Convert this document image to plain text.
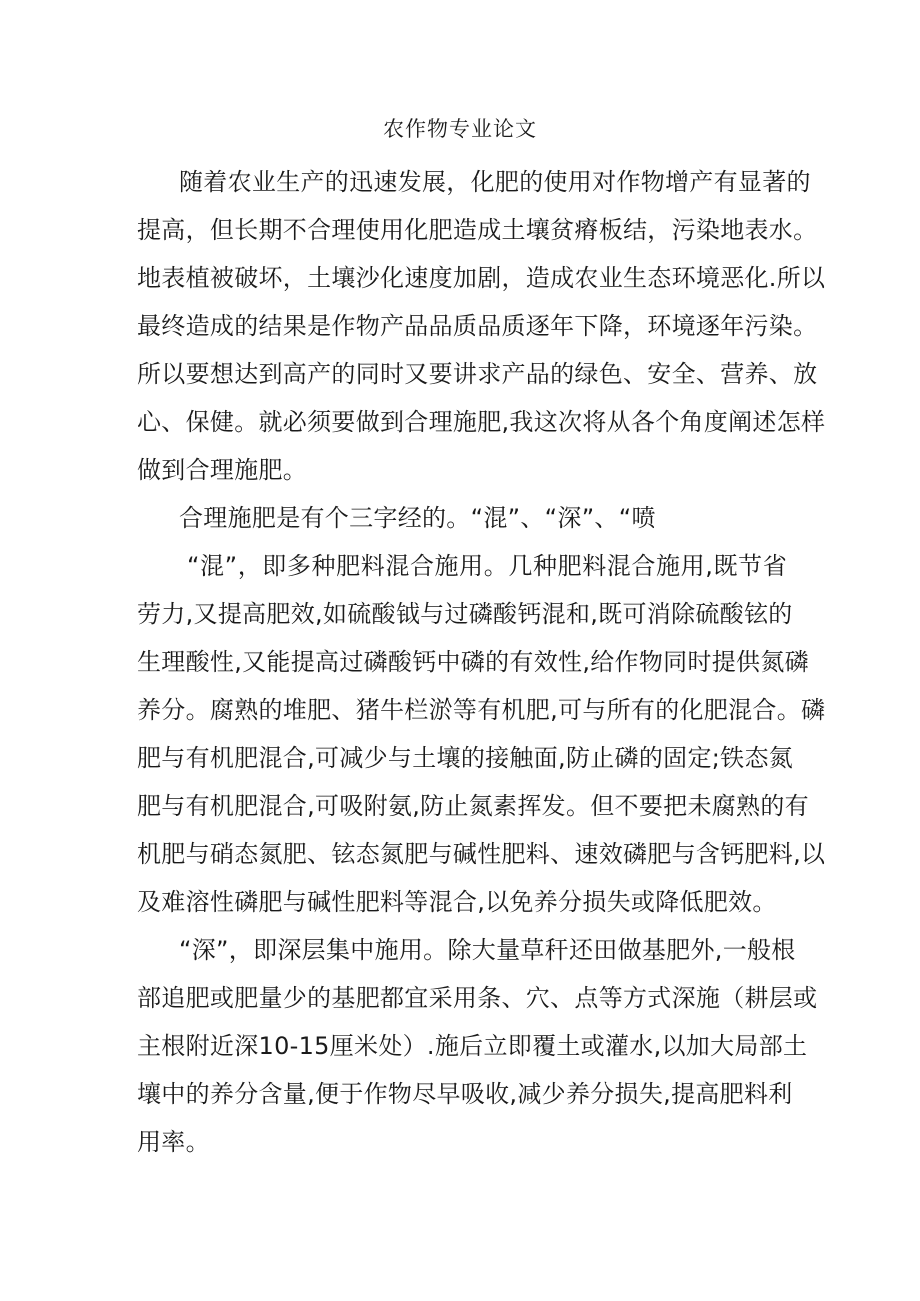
农作物专业论文
随着农业生产的迅速发展，化肥的使用对作物增产有显著的
提高，但长期不合理使用化肥造成土壤贫瘠板结，污染地表水。
地表植被破坏，土壤沙化速度加剧，造成农业生态环境恶化.所以
最终造成的结果是作物产品品质品质逐年下降，环境逐年污染。
所以要想达到高产的同时又要讲求产品的绿色、安全、营养、放
心、保健。就必须要做到合理施肥,我这次将从各个角度阐述怎样
做到合理施肥。
合理施肥是有个三字经的。“混”、“深”、“喷
“混”，即多种肥料混合施用。几种肥料混合施用,既节省
劳力,又提高肥效,如硫酸钺与过磷酸钙混和,既可消除硫酸铉的
生理酸性,又能提高过磷酸钙中磷的有效性,给作物同时提供氮磷
养分。腐熟的堆肥、猪牛栏淤等有机肥,可与所有的化肥混合。磷
肥与有机肥混合,可减少与土壤的接触面,防止磷的固定;铁态氮
肥与有机肥混合,可吸附氨,防止氮素挥发。但不要把未腐熟的有
机肥与硝态氮肥、铉态氮肥与碱性肥料、速效磷肥与含钙肥料,以
及难溶性磷肥与碱性肥料等混合,以免养分损失或降低肥效。
“深”，即深层集中施用。除大量草秆还田做基肥外,一般根
部追肥或肥量少的基肥都宜采用条、穴、点等方式深施（耕层或
主根附近深10-15厘米处）.施后立即覆土或灌水,以加大局部土
壤中的养分含量,便于作物尽早吸收,减少养分损失,提高肥料利
用率。
